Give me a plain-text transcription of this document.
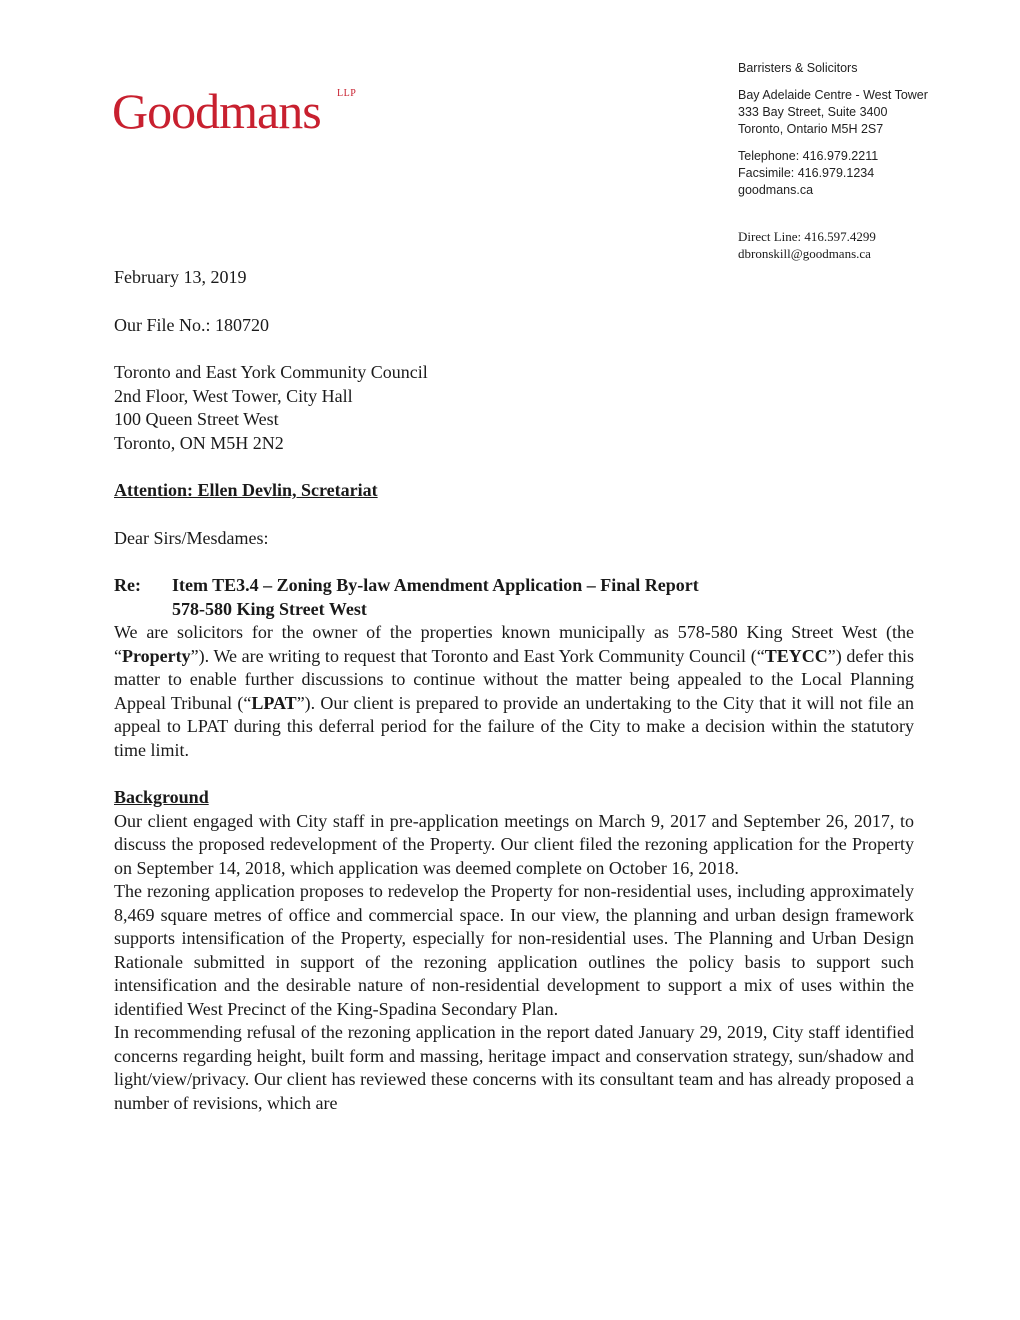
Goodmans LLP
Barristers & Solicitors
Bay Adelaide Centre - West Tower
333 Bay Street, Suite 3400
Toronto, Ontario M5H 2S7
Telephone: 416.979.2211
Facsimile: 416.979.1234
goodmans.ca
Direct Line: 416.597.4299
dbronskill@goodmans.ca

February 13, 2019

Our File No.: 180720

Toronto and East York Community Council

2nd Floor, West Tower, City Hall

100 Queen Street West

Toronto, ON M5H 2N2

Attention: Ellen Devlin, Scretariat

Dear Sirs/Mesdames:

Re:	Item TE3.4 – Zoning By-law Amendment Application – Final Report
578-580 King Street West

We are solicitors for the owner of the properties known municipally as 578-580 King Street West (the “Property”). We are writing to request that Toronto and East York Community Council (“TEYCC”) defer this matter to enable further discussions to continue without the matter being appealed to the Local Planning Appeal Tribunal (“LPAT”). Our client is prepared to provide an undertaking to the City that it will not file an appeal to LPAT during this deferral period for the failure of the City to make a decision within the statutory time limit.

Background

Our client engaged with City staff in pre-application meetings on March 9, 2017 and September 26, 2017, to discuss the proposed redevelopment of the Property. Our client filed the rezoning application for the Property on September 14, 2018, which application was deemed complete on October 16, 2018.

The rezoning application proposes to redevelop the Property for non-residential uses, including approximately 8,469 square metres of office and commercial space. In our view, the planning and urban design framework supports intensification of the Property, especially for non-residential uses. The Planning and Urban Design Rationale submitted in support of the rezoning application outlines the policy basis to support such intensification and the desirable nature of non-residential development to support a mix of uses within the identified West Precinct of the King-Spadina Secondary Plan.

In recommending refusal of the rezoning application in the report dated January 29, 2019, City staff identified concerns regarding height, built form and massing, heritage impact and conservation strategy, sun/shadow and light/view/privacy. Our client has reviewed these concerns with its consultant team and has already proposed a number of revisions, which are
